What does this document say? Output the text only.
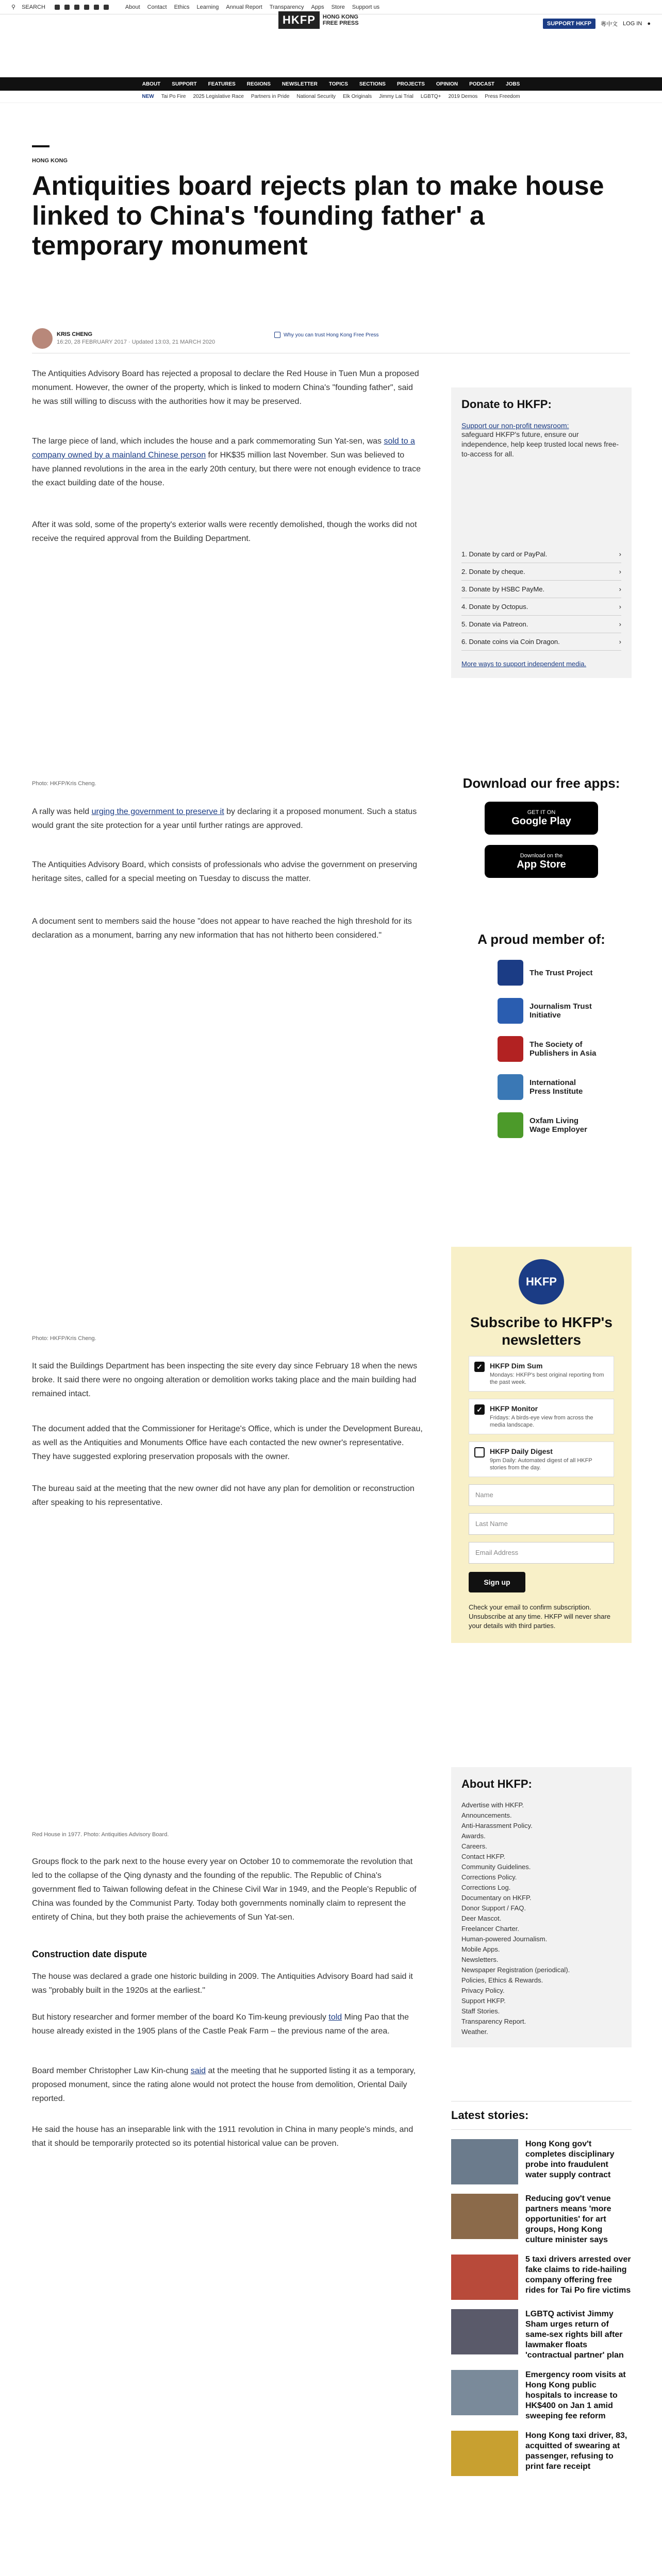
⚲ SEARCH	About Contact Ethics Learning Annual Report Transparency Apps Store Support us
HKFP	HONG KONG
FREE PRESS	SUPPORT HKFP	粵中文 LOG IN ●
ABOUT SUPPORT FEATURES REGIONS NEWSLETTER TOPICS SECTIONS PROJECTS OPINION PODCAST JOBS
NEW Tai Po Fire 2025 Legislative Race Partners in Pride National Security Elk Originals Jimmy Lai Trial LGBTQ+ 2019 Demos Press Freedom
HONG KONG
Antiquities board rejects plan to make house linked to China's 'founding father' a temporary monument
KRIS CHENG
16:20, 28 FEBRUARY 2017 · Updated 13:03, 21 MARCH 2020
Why you can trust Hong Kong Free Press

The Antiquities Advisory Board has rejected a proposal to declare the Red House in Tuen Mun a proposed monument. However, the owner of the property, which is linked to modern China's "founding father", said he was still willing to discuss with the authorities how it may be preserved.

The large piece of land, which includes the house and a park commemorating Sun Yat-sen, was sold to a company owned by a mainland Chinese person for HK$35 million last November. Sun was believed to have planned revolutions in the area in the early 20th century, but there were not enough evidence to trace the exact building date of the house.

After it was sold, some of the property's exterior walls were recently demolished, though the works did not receive the required approval from the Building Department.

Photo: HKFP/Kris Cheng.

A rally was held urging the government to preserve it by declaring it a proposed monument. Such a status would grant the site protection for a year until further ratings are approved.

The Antiquities Advisory Board, which consists of professionals who advise the government on preserving heritage sites, called for a special meeting on Tuesday to discuss the matter.

A document sent to members said the house "does not appear to have reached the high threshold for its declaration as a monument, barring any new information that has not hitherto been considered."

Photo: HKFP/Kris Cheng.

It said the Buildings Department has been inspecting the site every day since February 18 when the news broke. It said there were no ongoing alteration or demolition works taking place and the main building had remained intact.

The document added that the Commissioner for Heritage's Office, which is under the Development Bureau, as well as the Antiquities and Monuments Office have each contacted the new owner's representative. They have suggested exploring preservation proposals with the owner.

The bureau said at the meeting that the new owner did not have any plan for demolition or reconstruction after speaking to his representative.

Red House in 1977. Photo: Antiquities Advisory Board.

Groups flock to the park next to the house every year on October 10 to commemorate the revolution that led to the collapse of the Qing dynasty and the founding of the republic. The Republic of China's government fled to Taiwan following defeat in the Chinese Civil War in 1949, and the People's Republic of China was founded by the Communist Party. Today both governments nominally claim to represent the entirety of China, but they both praise the achievements of Sun Yat-sen.

Construction date dispute

The house was declared a grade one historic building in 2009. The Antiquities Advisory Board had said it was "probably built in the 1920s at the earliest."

But history researcher and former member of the board Ko Tim-keung previously told Ming Pao that the house already existed in the 1905 plans of the Castle Peak Farm – the previous name of the area.

Board member Christopher Law Kin-chung said at the meeting that he supported listing it as a temporary, proposed monument, since the rating alone would not protect the house from demolition, Oriental Daily reported.

He said the house has an inseparable link with the 1911 revolution in China in many people's minds, and that it should be temporarily protected so its potential historical value can be proven.

Donate to HKFP:
Support our non-profit newsroom:
safeguard HKFP's future, ensure our independence, help keep trusted local news free-to-access for all.
1. Donate by card or PayPal.	›
2. Donate by cheque.	›
3. Donate by HSBC PayMe.	›
4. Donate by Octopus.	›
5. Donate via Patreon.	›
6. Donate coins via Coin Dragon.	›
More ways to support independent media.
Download our free apps:
GET IT ON
Google Play
Download on the
App Store
A proud member of:
The Trust Project
Journalism Trust Initiative
The Society of Publishers in Asia
International Press Institute
Oxfam Living Wage Employer
HKFP
Subscribe to HKFP's newsletters
✓ HKFP Dim Sum
Mondays: HKFP's best original reporting from the past week.
✓ HKFP Monitor
Fridays: A birds-eye view from across the media landscape.
HKFP Daily Digest
9pm Daily: Automated digest of all HKFP stories from the day.
Name
Last Name
Email Address
Sign up
Check your email to confirm subscription. Unsubscribe at any time. HKFP will never share your details with third parties.
About HKFP:
Advertise with HKFP.
Announcements.
Anti-Harassment Policy.
Awards.
Careers.
Contact HKFP.
Community Guidelines.
Corrections Policy.
Corrections Log.
Documentary on HKFP.
Donor Support / FAQ.
Deer Mascot.
Freelancer Charter.
Human-powered Journalism.
Mobile Apps.
Newsletters.
Newspaper Registration (periodical).
Policies, Ethics & Rewards.
Privacy Policy.
Support HKFP.
Staff Stories.
Transparency Report.
Weather.
Latest stories:
Hong Kong gov't completes disciplinary probe into fraudulent water supply contract
Reducing gov't venue partners means 'more opportunities' for art groups, Hong Kong culture minister says
5 taxi drivers arrested over fake claims to ride-hailing company offering free rides for Tai Po fire victims
LGBTQ activist Jimmy Sham urges return of same-sex rights bill after lawmaker floats 'contractual partner' plan
Emergency room visits at Hong Kong public hospitals to increase to HK$400 on Jan 1 amid sweeping fee reform
Hong Kong taxi driver, 83, acquitted of swearing at passenger, refusing to print fare receipt
